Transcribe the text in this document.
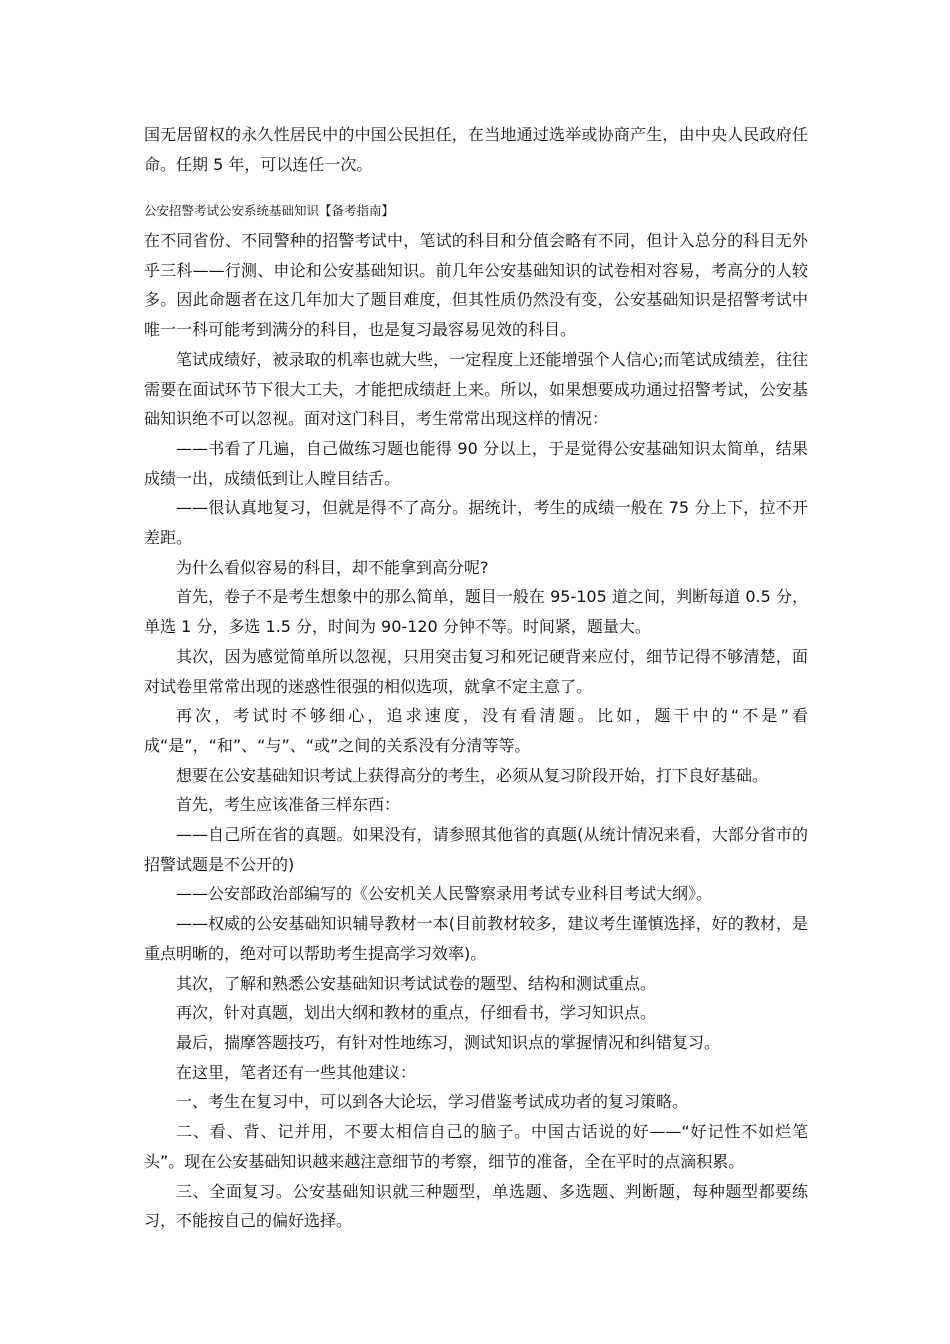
国无居留权的永久性居民中的中国公民担任，在当地通过选举或协商产生，由中央人民政府任命。任期 5 年，可以连任一次。

公安招警考试公安系统基础知识【备考指南】

在不同省份、不同警种的招警考试中，笔试的科目和分值会略有不同，但计入总分的科目无外乎三科——行测、申论和公安基础知识。前几年公安基础知识的试卷相对容易，考高分的人较多。因此命题者在这几年加大了题目难度，但其性质仍然没有变，公安基础知识是招警考试中唯一一科可能考到满分的科目，也是复习最容易见效的科目。

笔试成绩好，被录取的机率也就大些，一定程度上还能增强个人信心;而笔试成绩差，往往需要在面试环节下很大工夫，才能把成绩赶上来。所以，如果想要成功通过招警考试，公安基础知识绝不可以忽视。面对这门科目，考生常常出现这样的情况：

——书看了几遍，自己做练习题也能得 90 分以上，于是觉得公安基础知识太简单，结果成绩一出，成绩低到让人瞠目结舌。

——很认真地复习，但就是得不了高分。据统计，考生的成绩一般在 75 分上下，拉不开差距。

为什么看似容易的科目，却不能拿到高分呢?

首先，卷子不是考生想象中的那么简单，题目一般在 95-105 道之间，判断每道 0.5 分，单选 1 分，多选 1.5 分，时间为 90-120 分钟不等。时间紧，题量大。

其次，因为感觉简单所以忽视，只用突击复习和死记硬背来应付，细节记得不够清楚，面对试卷里常常出现的迷惑性很强的相似选项，就拿不定主意了。

再次，考试时不够细心，追求速度，没有看清题。比如，题干中的“不是”看成“是”，“和”、“与”、“或”之间的关系没有分清等等。

想要在公安基础知识考试上获得高分的考生，必须从复习阶段开始，打下良好基础。

首先，考生应该准备三样东西：

——自己所在省的真题。如果没有，请参照其他省的真题(从统计情况来看，大部分省市的招警试题是不公开的)

——公安部政治部编写的《公安机关人民警察录用考试专业科目考试大纲》。

——权威的公安基础知识辅导教材一本(目前教材较多，建议考生谨慎选择，好的教材，是重点明晰的，绝对可以帮助考生提高学习效率)。

其次，了解和熟悉公安基础知识考试试卷的题型、结构和测试重点。

再次，针对真题，划出大纲和教材的重点，仔细看书，学习知识点。

最后，揣摩答题技巧，有针对性地练习，测试知识点的掌握情况和纠错复习。

在这里，笔者还有一些其他建议：

一、考生在复习中，可以到各大论坛，学习借鉴考试成功者的复习策略。

二、看、背、记并用，不要太相信自己的脑子。中国古话说的好——“好记性不如烂笔头”。现在公安基础知识越来越注意细节的考察，细节的准备，全在平时的点滴积累。

三、全面复习。公安基础知识就三种题型，单选题、多选题、判断题，每种题型都要练习，不能按自己的偏好选择。
